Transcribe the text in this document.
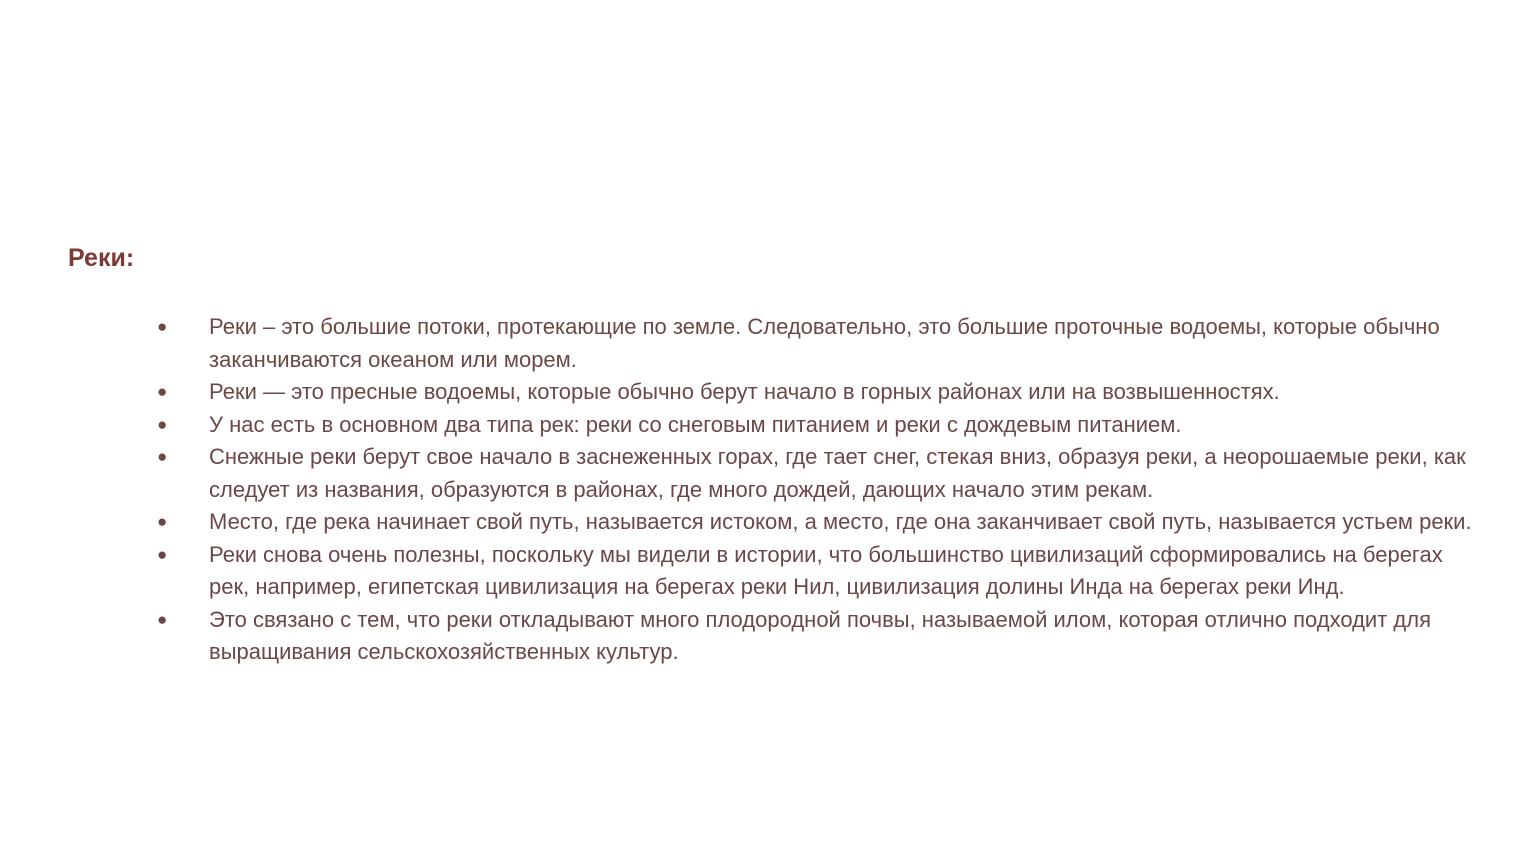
Реки:
● Реки – это большие потоки, протекающие по земле. Следовательно, это большие проточные водоемы, которые обычно заканчиваются океаном или морем.
● Реки — это пресные водоемы, которые обычно берут начало в горных районах или на возвышенностях.
● У нас есть в основном два типа рек: реки со снеговым питанием и реки с дождевым питанием.
● Снежные реки берут свое начало в заснеженных горах, где тает снег, стекая вниз, образуя реки, а неорошаемые реки, как следует из названия, образуются в районах, где много дождей, дающих начало этим рекам.
● Место, где река начинает свой путь, называется истоком, а место, где она заканчивает свой путь, называется устьем реки.
● Реки снова очень полезны, поскольку мы видели в истории, что большинство цивилизаций сформировались на берегах рек, например, египетская цивилизация на берегах реки Нил, цивилизация долины Инда на берегах реки Инд.
● Это связано с тем, что реки откладывают много плодородной почвы, называемой илом, которая отлично подходит для выращивания сельскохозяйственных культур.
